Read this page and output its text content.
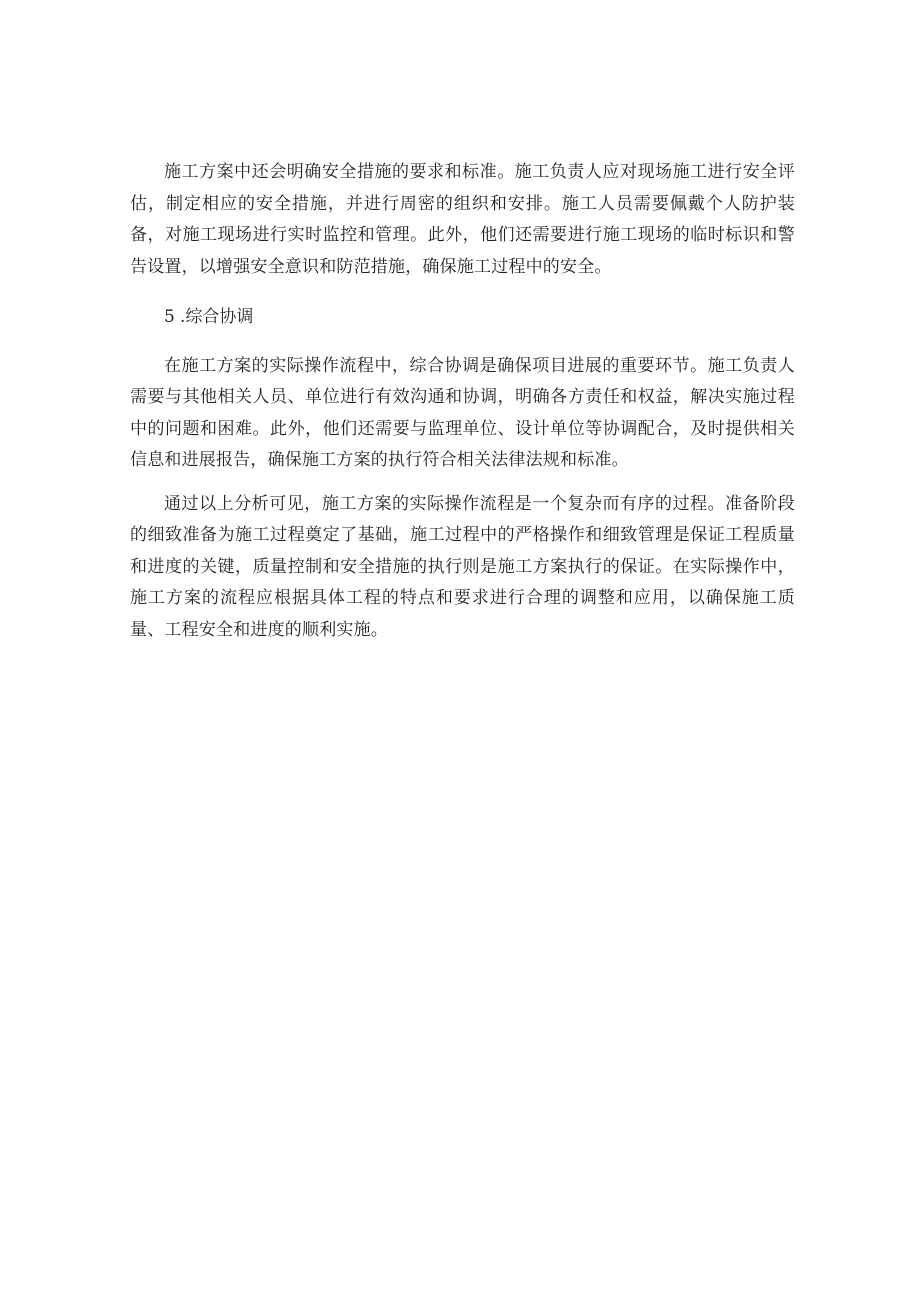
施工方案中还会明确安全措施的要求和标准。施工负责人应对现场施工进行安全评估，制定相应的安全措施，并进行周密的组织和安排。施工人员需要佩戴个人防护装备，对施工现场进行实时监控和管理。此外，他们还需要进行施工现场的临时标识和警告设置，以增强安全意识和防范措施，确保施工过程中的安全。

5 .综合协调

在施工方案的实际操作流程中，综合协调是确保项目进展的重要环节。施工负责人需要与其他相关人员、单位进行有效沟通和协调，明确各方责任和权益，解决实施过程中的问题和困难。此外，他们还需要与监理单位、设计单位等协调配合，及时提供相关信息和进展报告，确保施工方案的执行符合相关法律法规和标准。

通过以上分析可见，施工方案的实际操作流程是一个复杂而有序的过程。准备阶段的细致准备为施工过程奠定了基础，施工过程中的严格操作和细致管理是保证工程质量和进度的关键，质量控制和安全措施的执行则是施工方案执行的保证。在实际操作中，施工方案的流程应根据具体工程的特点和要求进行合理的调整和应用，以确保施工质量、工程安全和进度的顺利实施。
